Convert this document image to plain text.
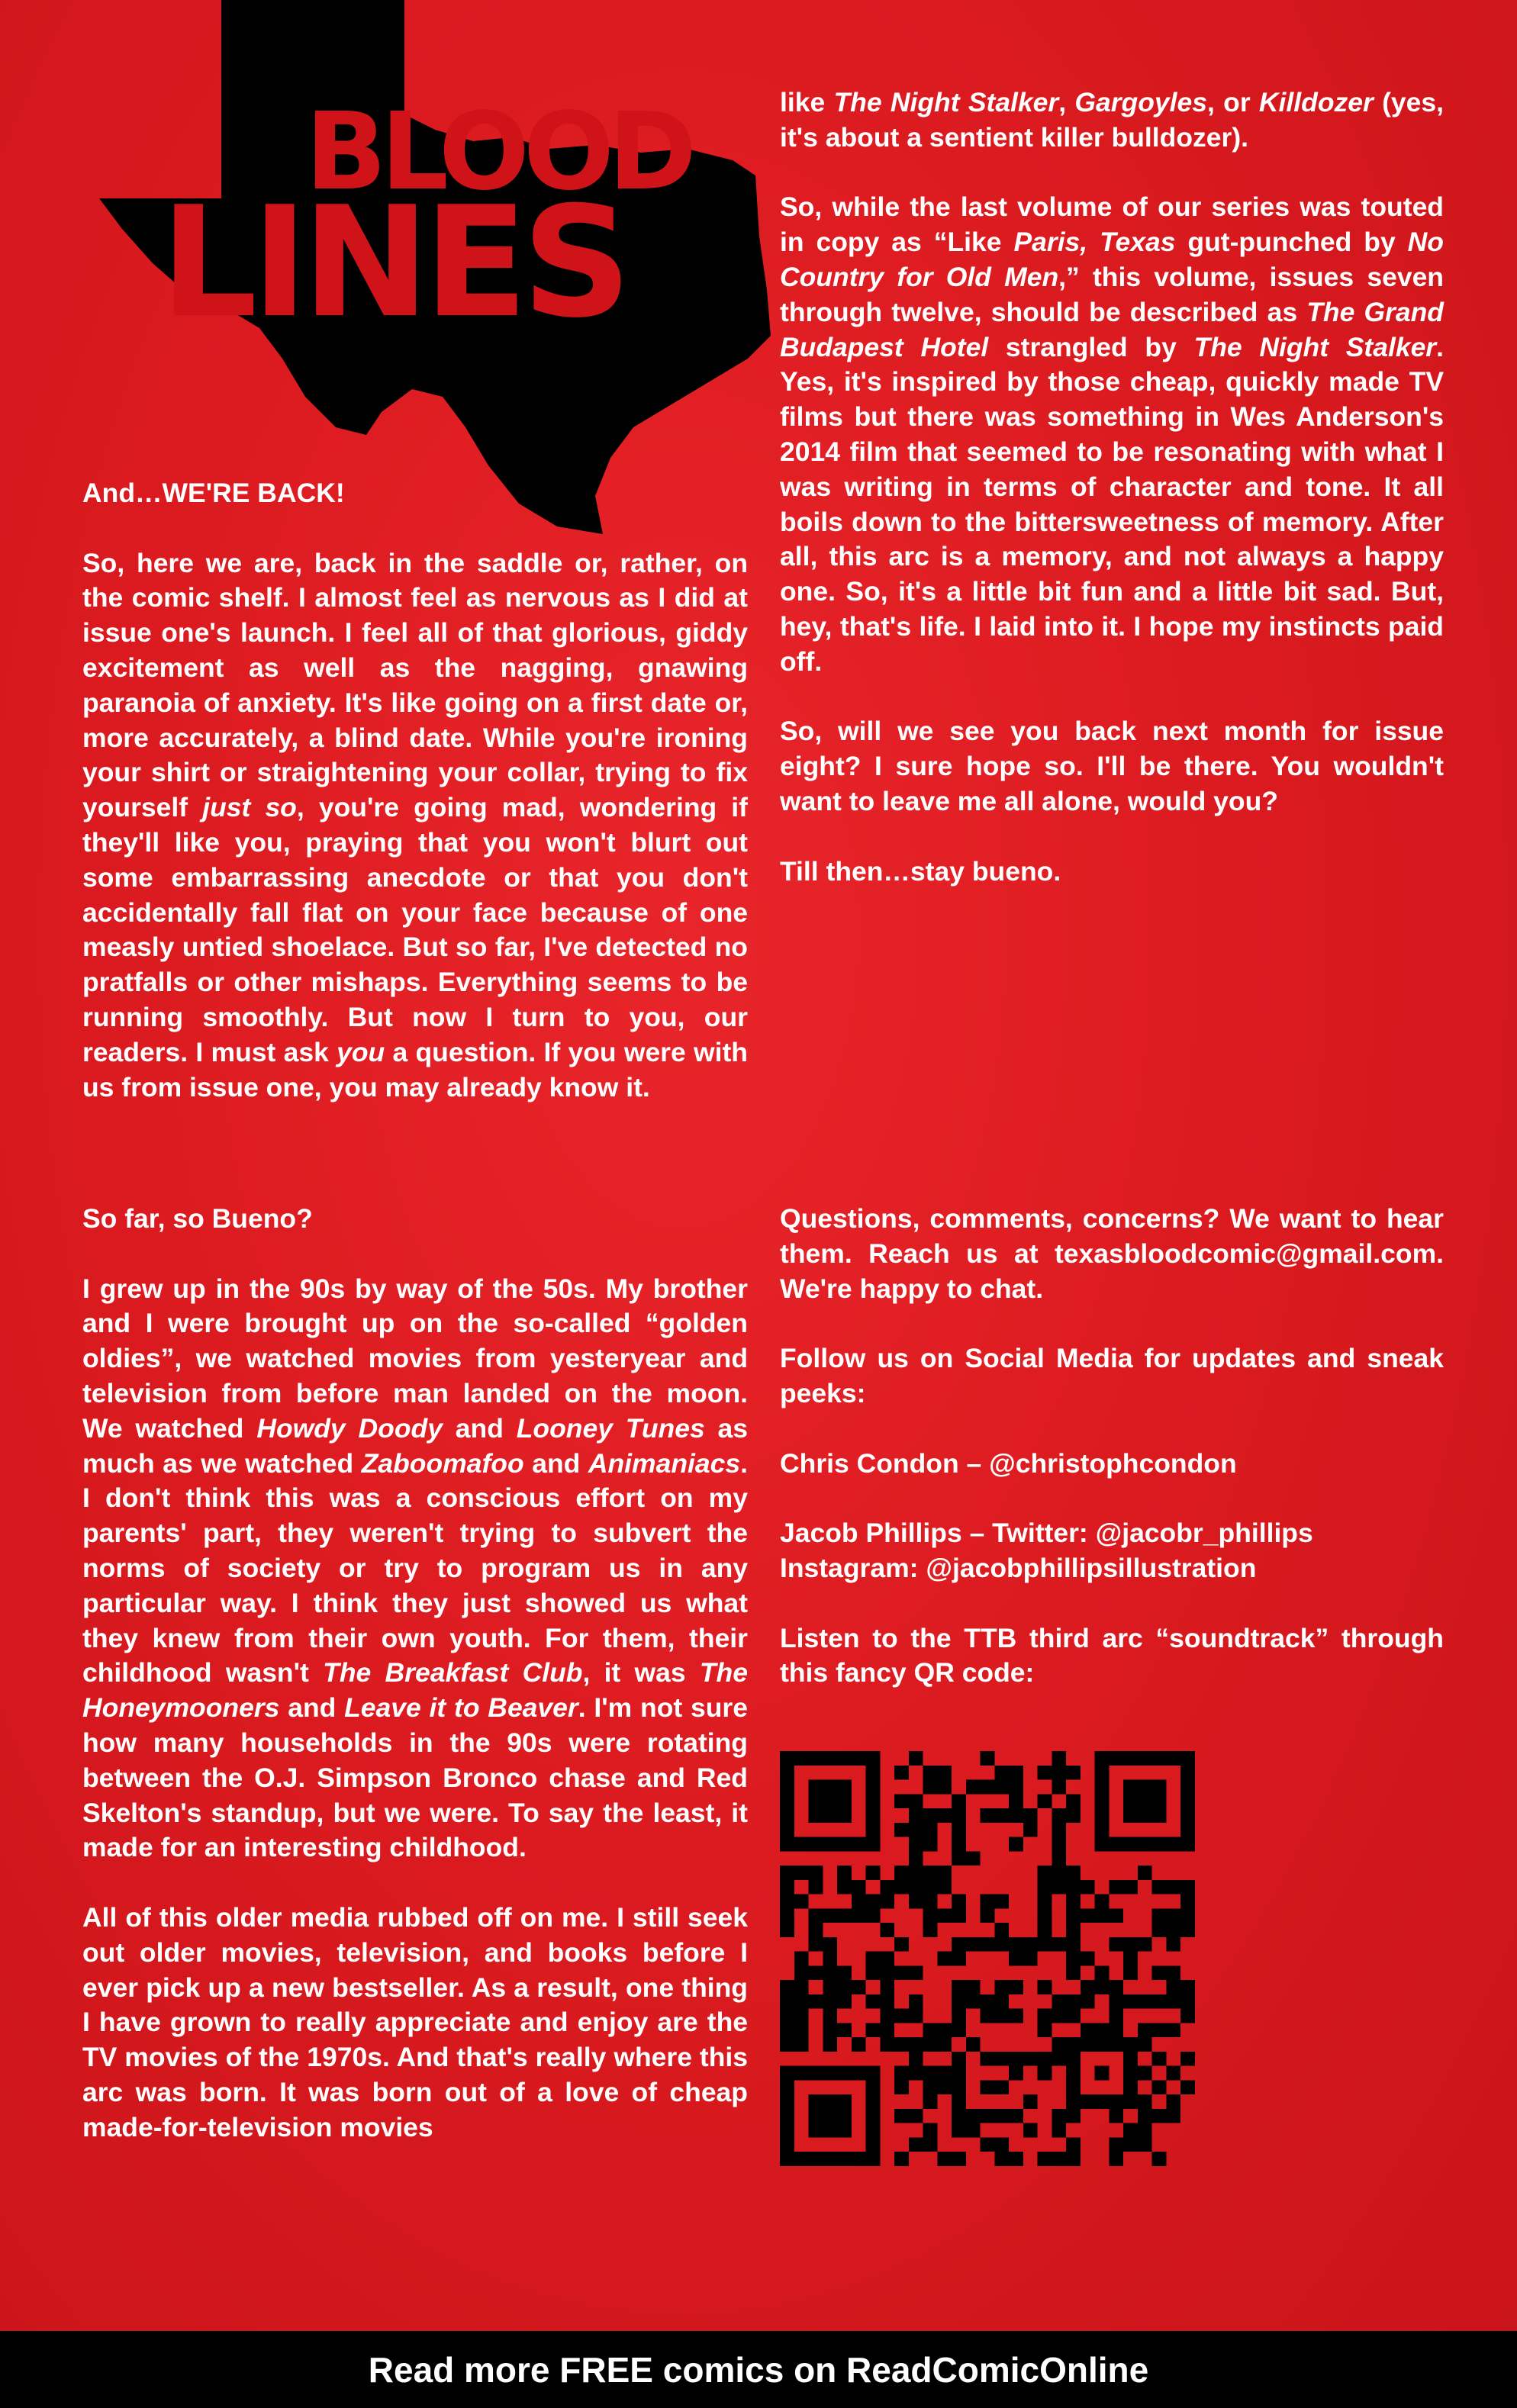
BLOOD
LINES

And…WE'RE BACK!

So, here we are, back in the saddle or, rather, on the comic shelf. I almost feel as nervous as I did at issue one's launch. I feel all of that glorious, giddy excitement as well as the nagging, gnawing paranoia of anxiety. It's like going on a first date or, more accurately, a blind date. While you're ironing your shirt or straightening your collar, trying to fix yourself just so, you're going mad, wondering if they'll like you, praying that you won't blurt out some embarrassing anecdote or that you don't accidentally fall flat on your face because of one measly untied shoelace. But so far, I've detected no pratfalls or other mishaps. Everything seems to be running smoothly. But now I turn to you, our readers. I must ask you a question. If you were with us from issue one, you may already know it.

So far, so Bueno?

I grew up in the 90s by way of the 50s. My brother and I were brought up on the so-called “golden oldies”, we watched movies from yesteryear and television from before man landed on the moon. We watched Howdy Doody and Looney Tunes as much as we watched Zaboomafoo and Animaniacs. I don't think this was a conscious effort on my parents' part, they weren't trying to subvert the norms of society or try to program us in any particular way. I think they just showed us what they knew from their own youth. For them, their childhood wasn't The Breakfast Club, it was The Honeymooners and Leave it to Beaver. I'm not sure how many households in the 90s were rotating between the O.J. Simpson Bronco chase and Red Skelton's standup, but we were. To say the least, it made for an interesting childhood.

All of this older media rubbed off on me. I still seek out older movies, television, and books before I ever pick up a new bestseller. As a result, one thing I have grown to really appreciate and enjoy are the TV movies of the 1970s. And that's really where this arc was born. It was born out of a love of cheap made-for-television movies

like The Night Stalker, Gargoyles, or Killdozer (yes, it's about a sentient killer bulldozer).

So, while the last volume of our series was touted in copy as “Like Paris, Texas gut-punched by No Country for Old Men,” this volume, issues seven through twelve, should be described as The Grand Budapest Hotel strangled by The Night Stalker. Yes, it's inspired by those cheap, quickly made TV films but there was something in Wes Anderson's 2014 film that seemed to be resonating with what I was writing in terms of character and tone. It all boils down to the bittersweetness of memory. After all, this arc is a memory, and not always a happy one. So, it's a little bit fun and a little bit sad. But, hey, that's life. I laid into it. I hope my instincts paid off.

So, will we see you back next month for issue eight? I sure hope so. I'll be there. You wouldn't want to leave me all alone, would you?

Till then…stay bueno.

Questions, comments, concerns? We want to hear them. Reach us at texasbloodcomic@gmail.com. We're happy to chat.

Follow us on Social Media for updates and sneak peeks:

Chris Condon – @christophcondon

Jacob Phillips – Twitter: @jacobr_phillips
Instagram: @jacobphillipsillustration

Listen to the TTB third arc “soundtrack” through this fancy QR code:

Read more FREE comics on ReadComicOnline
